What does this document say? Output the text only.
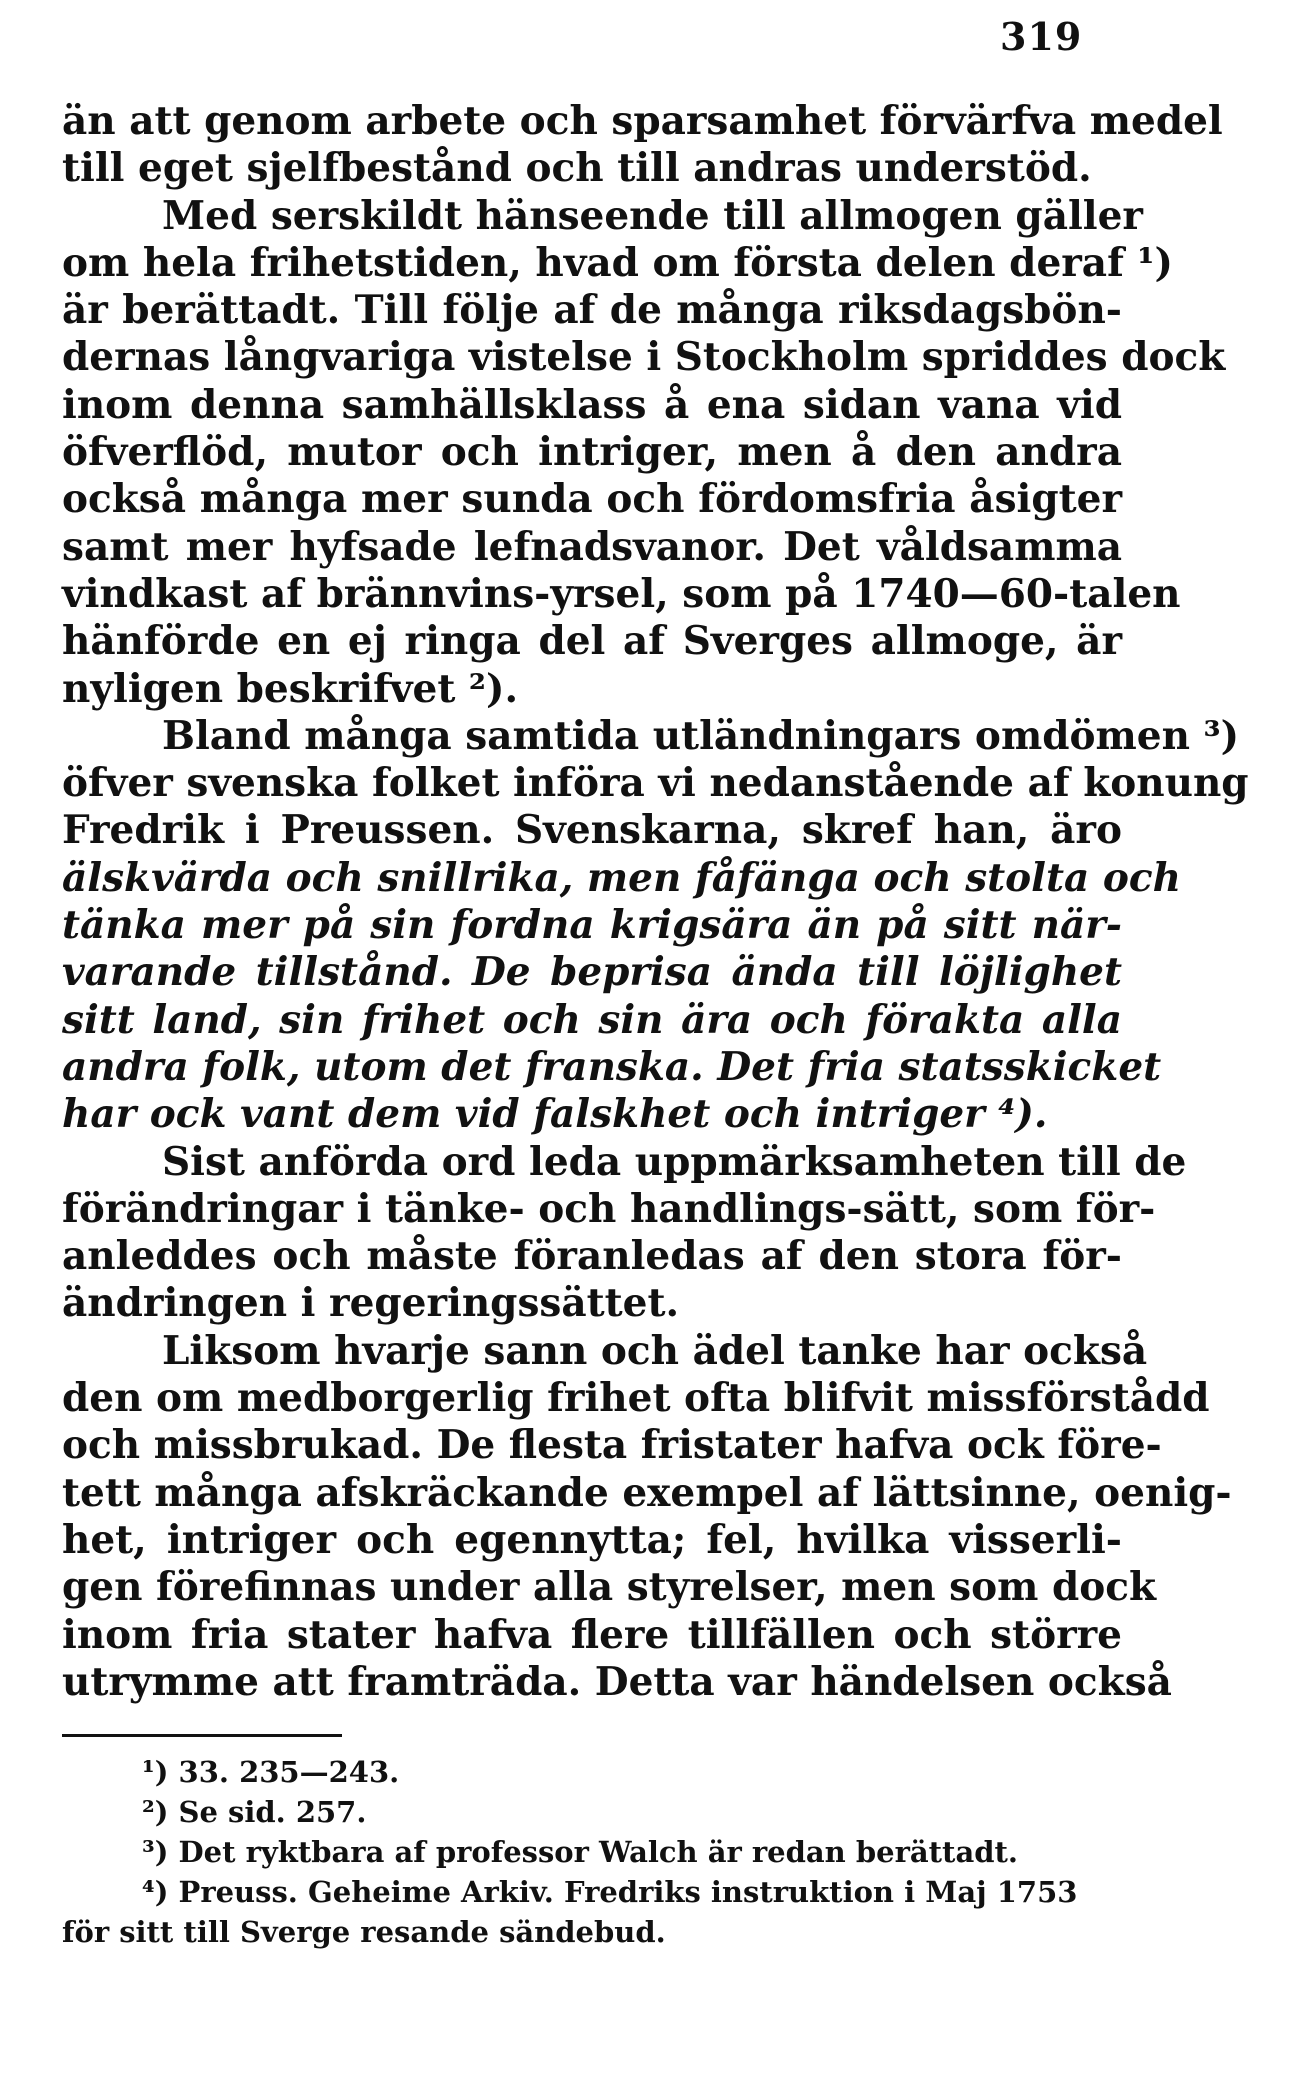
319
än att genom arbete och sparsamhet förvärfva medel
till eget sjelfbestånd och till andras understöd.
Med serskildt hänseende till allmogen gäller
om hela frihetstiden, hvad om första delen deraf ¹)
är berättadt. Till följe af de många riksdagsbön-
dernas långvariga vistelse i Stockholm spriddes dock
inom denna samhällsklass å ena sidan vana vid
öfverflöd, mutor och intriger, men å den andra
också många mer sunda och fördomsfria åsigter
samt mer hyfsade lefnadsvanor. Det våldsamma
vindkast af brännvins-yrsel, som på 1740—60-talen
hänförde en ej ringa del af Sverges allmoge, är
nyligen beskrifvet ²).
Bland många samtida utländningars omdömen ³)
öfver svenska folket införa vi nedanstående af konung
Fredrik i Preussen. Svenskarna, skref han, äro
älskvärda och snillrika, men fåfänga och stolta och
tänka mer på sin fordna krigsära än på sitt när-
varande tillstånd. De beprisa ända till löjlighet
sitt land, sin frihet och sin ära och förakta alla
andra folk, utom det franska. Det fria statsskicket
har ock vant dem vid falskhet och intriger ⁴).
Sist anförda ord leda uppmärksamheten till de
förändringar i tänke- och handlings-sätt, som för-
anleddes och måste föranledas af den stora för-
ändringen i regeringssättet.
Liksom hvarje sann och ädel tanke har också
den om medborgerlig frihet ofta blifvit missförstådd
och missbrukad. De flesta fristater hafva ock före-
tett många afskräckande exempel af lättsinne, oenig-
het, intriger och egennytta; fel, hvilka visserli-
gen förefinnas under alla styrelser, men som dock
inom fria stater hafva flere tillfällen och större
utrymme att framträda. Detta var händelsen också
¹) 33. 235—243.
²) Se sid. 257.
³) Det ryktbara af professor Walch är redan berättadt.
⁴) Preuss. Geheime Arkiv. Fredriks instruktion i Maj 1753
för sitt till Sverge resande sändebud.
